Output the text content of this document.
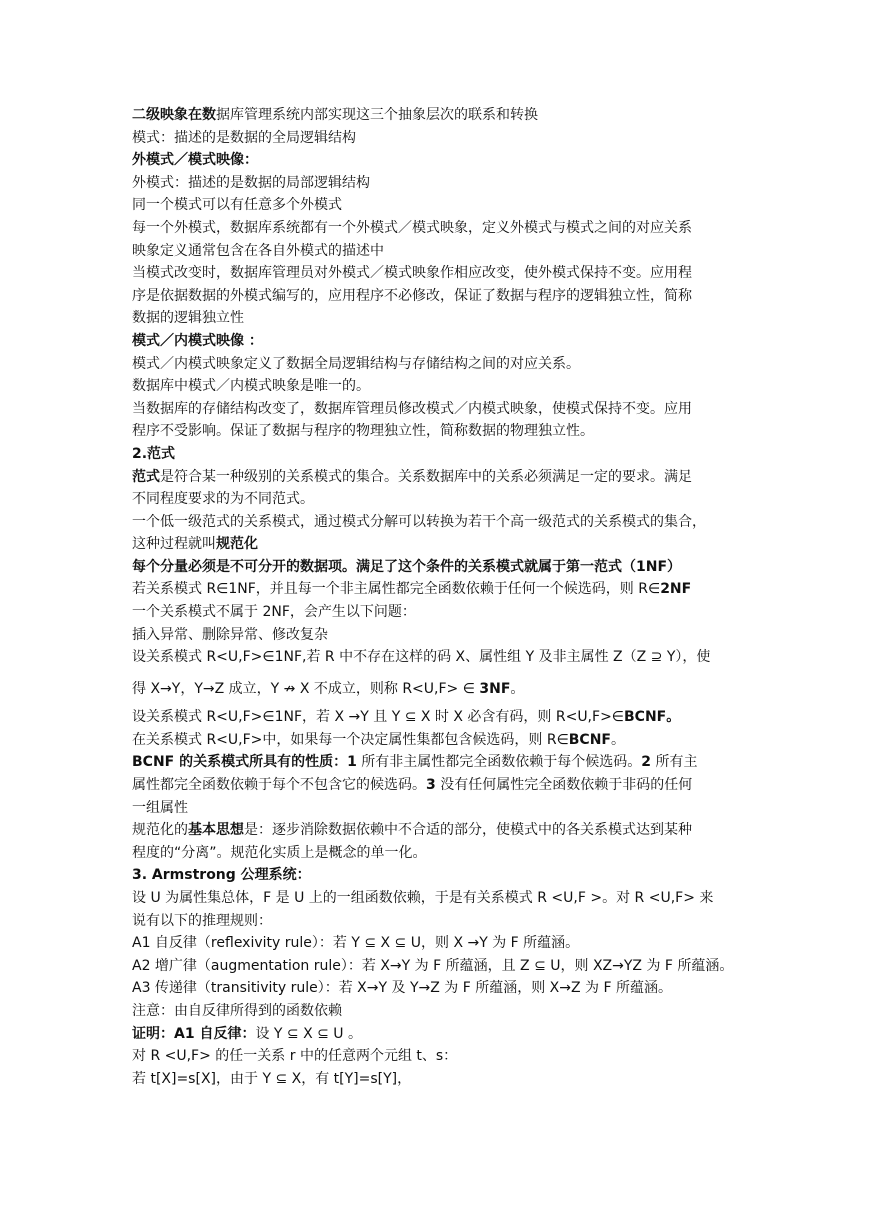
二级映象在数据库管理系统内部实现这三个抽象层次的联系和转换
模式：描述的是数据的全局逻辑结构
外模式／模式映像：
外模式：描述的是数据的局部逻辑结构
同一个模式可以有任意多个外模式
每一个外模式，数据库系统都有一个外模式／模式映象，定义外模式与模式之间的对应关系
映象定义通常包含在各自外模式的描述中
当模式改变时，数据库管理员对外模式／模式映象作相应改变，使外模式保持不变。应用程
序是依据数据的外模式编写的，应用程序不必修改，保证了数据与程序的逻辑独立性，简称
数据的逻辑独立性
模式／内模式映像 ：
模式／内模式映象定义了数据全局逻辑结构与存储结构之间的对应关系。
数据库中模式／内模式映象是唯一的。
当数据库的存储结构改变了，数据库管理员修改模式／内模式映象，使模式保持不变。应用
程序不受影响。保证了数据与程序的物理独立性，简称数据的物理独立性。
2.范式
范式是符合某一种级别的关系模式的集合。关系数据库中的关系必须满足一定的要求。满足
不同程度要求的为不同范式。
一个低一级范式的关系模式，通过模式分解可以转换为若干个高一级范式的关系模式的集合，
这种过程就叫规范化
每个分量必须是不可分开的数据项。满足了这个条件的关系模式就属于第一范式（1NF）
若关系模式 R∈1NF，并且每一个非主属性都完全函数依赖于任何一个候选码，则 R∈2NF
一个关系模式不属于 2NF，会产生以下问题：
插入异常、删除异常、修改复杂
设关系模式 R<U,F>∈1NF,若 R 中不存在这样的码 X、属性组 Y 及非主属性 Z（Z ⊇ Y），使
得 X→Y，Y→Z 成立，Y ↛ X 不成立，则称 R<U,F> ∈ 3NF。
设关系模式 R<U,F>∈1NF，若 X →Y 且 Y ⊆ X 时 X 必含有码，则 R<U,F>∈BCNF。
在关系模式 R<U,F>中，如果每一个决定属性集都包含候选码，则 R∈BCNF。
BCNF 的关系模式所具有的性质：1 所有非主属性都完全函数依赖于每个候选码。2 所有主
属性都完全函数依赖于每个不包含它的候选码。3 没有任何属性完全函数依赖于非码的任何
一组属性
规范化的基本思想是：逐步消除数据依赖中不合适的部分，使模式中的各关系模式达到某种
程度的“分离”。规范化实质上是概念的单一化。
3. Armstrong 公理系统：
设 U 为属性集总体，F 是 U 上的一组函数依赖，于是有关系模式 R <U,F >。对 R <U,F> 来
说有以下的推理规则：
A1 自反律（reflexivity rule）：若 Y ⊆ X ⊆ U，则 X →Y 为 F 所蕴涵。
A2 增广律（augmentation rule）：若 X→Y 为 F 所蕴涵，且 Z ⊆ U，则 XZ→YZ 为 F 所蕴涵。
A3 传递律（transitivity rule）：若 X→Y 及 Y→Z 为 F 所蕴涵，则 X→Z 为 F 所蕴涵。
注意：由自反律所得到的函数依赖
证明：A1 自反律：设 Y ⊆ X ⊆ U 。
对 R <U,F> 的任一关系 r 中的任意两个元组 t、s：
若 t[X]=s[X]，由于 Y ⊆ X，有 t[Y]=s[Y]，
